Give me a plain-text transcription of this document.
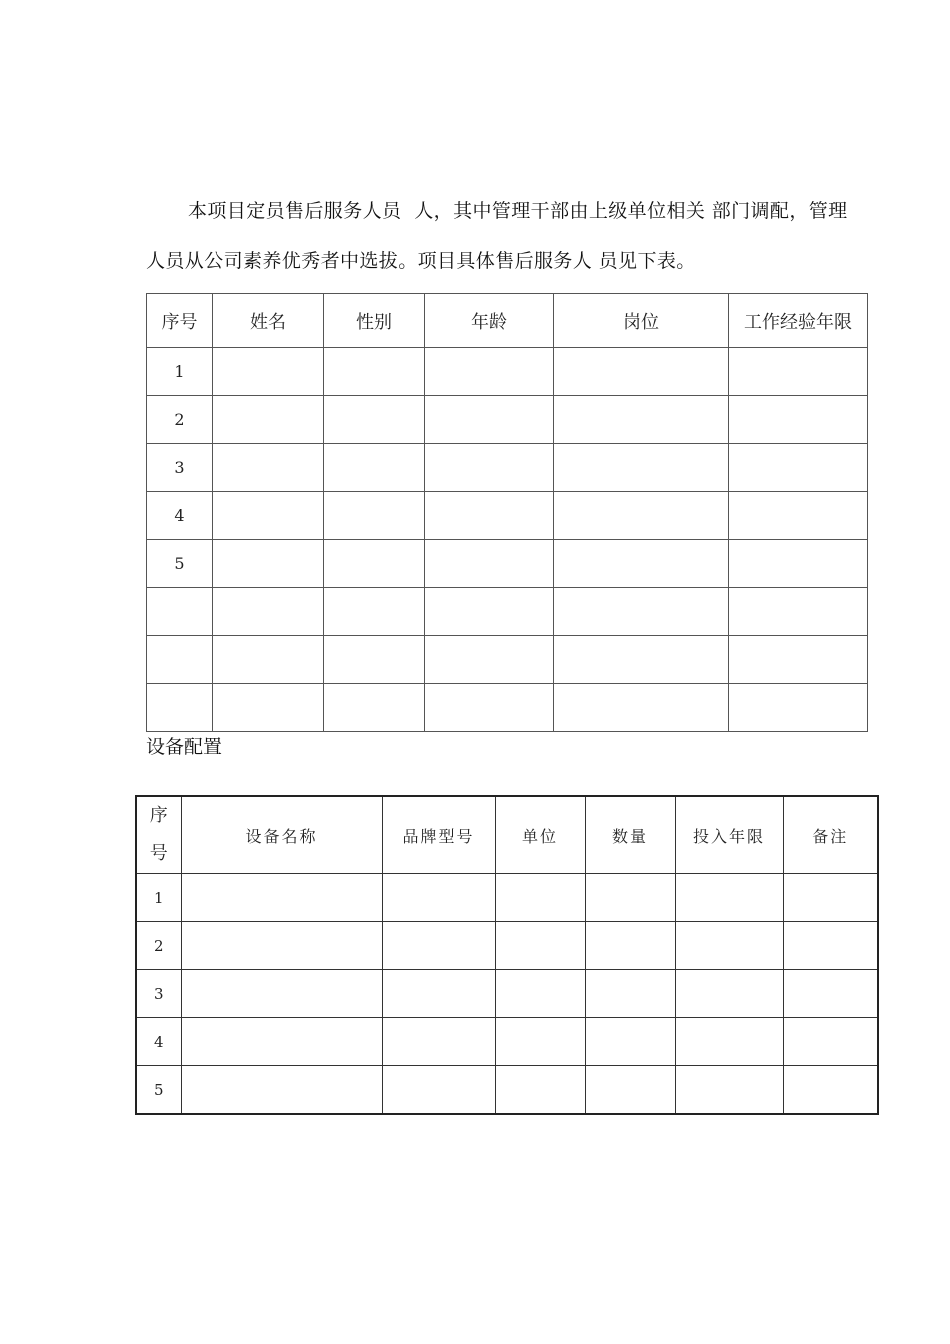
本项目定员售后服务人员  人，其中管理干部由上级单位相关 部门调配，管理
人员从公司素养优秀者中选拔。项目具体售后服务人 员见下表。
序号	姓名	性别	年龄	岗位	工作经验年限
1					
2					
3					
4					
5					

设备配置
序
号	设备名称	品牌型号	单位	数量	投入年限	备注
1						
2						
3						
4						
5						
